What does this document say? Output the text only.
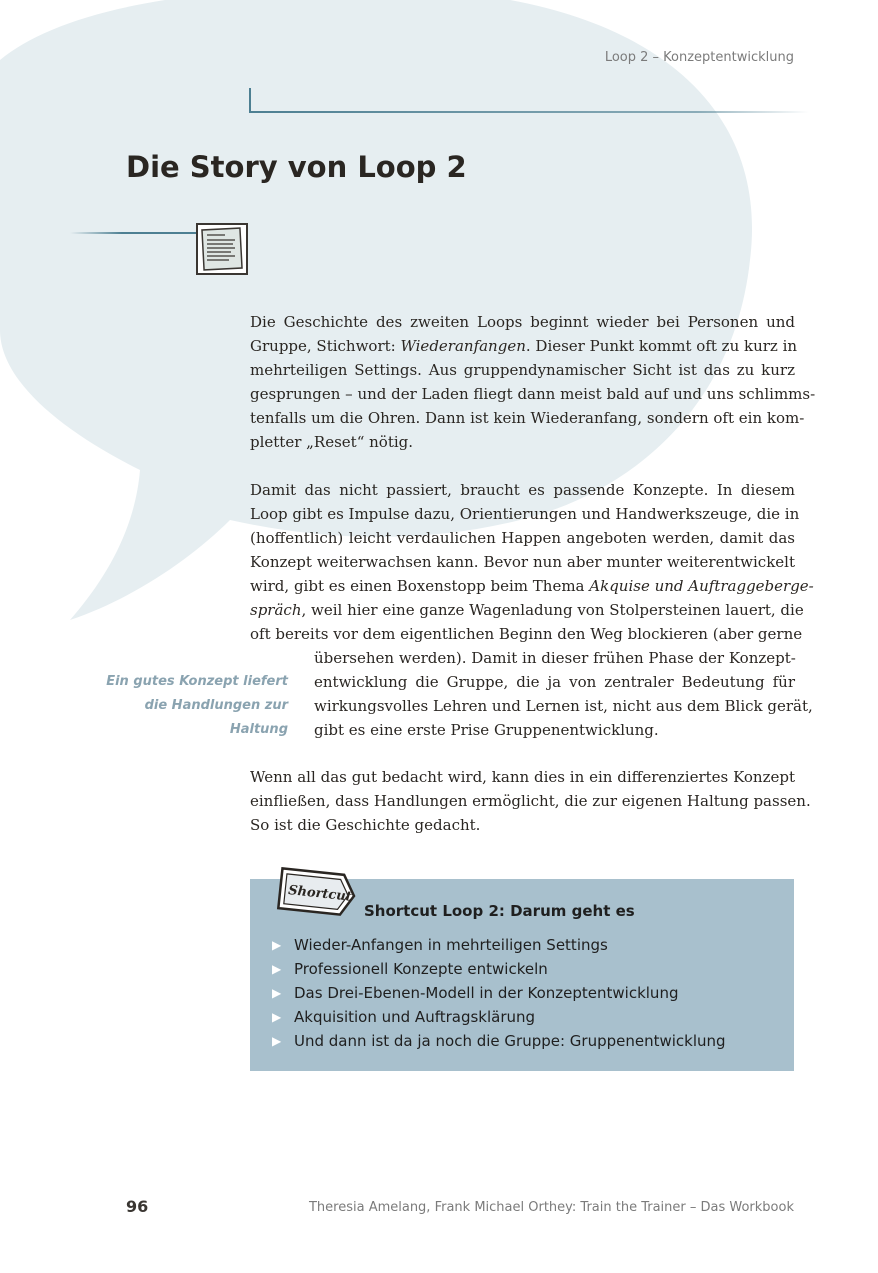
Loop 2 – Konzeptentwicklung
Die Story von Loop 2
Die Geschichte des zweiten Loops beginnt wieder bei Personen und
Gruppe, Stichwort: Wiederanfangen. Dieser Punkt kommt oft zu kurz in
mehrteiligen Settings. Aus gruppendynamischer Sicht ist das zu kurz
gesprungen – und der Laden fliegt dann meist bald auf und uns schlimms-
tenfalls um die Ohren. Dann ist kein Wiederanfang, sondern oft ein kom-
pletter „Reset“ nötig.
Damit das nicht passiert, braucht es passende Konzepte. In diesem
Loop gibt es Impulse dazu, Orientierungen und Handwerkszeuge, die in
(hoffentlich) leicht verdaulichen Happen angeboten werden, damit das
Konzept weiterwachsen kann. Bevor nun aber munter weiterentwickelt
wird, gibt es einen Boxenstopp beim Thema Akquise und Auftraggeberge-
spräch, weil hier eine ganze Wagenladung von Stolpersteinen lauert, die
oft bereits vor dem eigentlichen Beginn den Weg blockieren (aber gerne
übersehen werden). Damit in dieser frühen Phase der Konzept-
entwicklung die Gruppe, die ja von zentraler Bedeutung für
wirkungsvolles Lehren und Lernen ist, nicht aus dem Blick gerät,
gibt es eine erste Prise Gruppenentwicklung.
Ein gutes Konzept liefert
die Handlungen zur
Haltung
Wenn all das gut bedacht wird, kann dies in ein differenziertes Konzept
einfließen, dass Handlungen ermöglicht, die zur eigenen Haltung passen.
So ist die Geschichte gedacht.
Shortcut
Shortcut Loop 2: Darum geht es
▶ Wieder-Anfangen in mehrteiligen Settings
▶ Professionell Konzepte entwickeln
▶ Das Drei-Ebenen-Modell in der Konzeptentwicklung
▶ Akquisition und Auftragsklärung
▶ Und dann ist da ja noch die Gruppe: Gruppenentwicklung
96	Theresia Amelang, Frank Michael Orthey: Train the Trainer – Das Workbook
